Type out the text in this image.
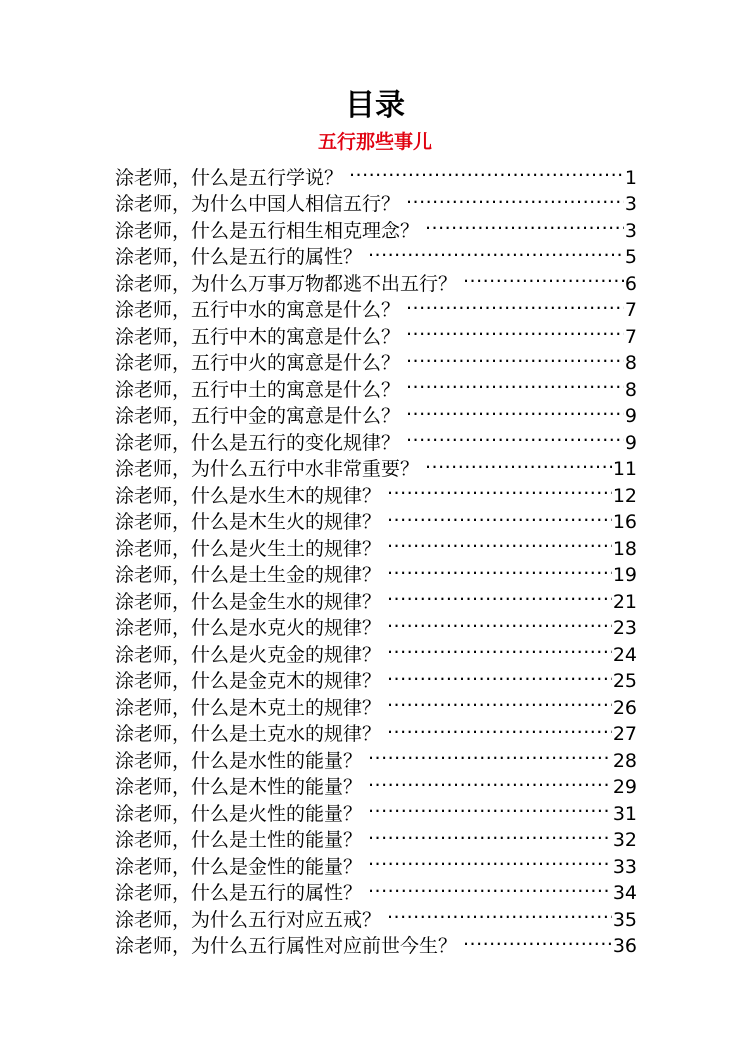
目录
五行那些事儿
涂老师，什么是五行学说？ .....	1
涂老师，为什么中国人相信五行？ .....	3
涂老师，什么是五行相生相克理念？ .....	3
涂老师，什么是五行的属性？ .....	5
涂老师，为什么万事万物都逃不出五行？ .....	6
涂老师，五行中水的寓意是什么？ .....	7
涂老师，五行中木的寓意是什么？ .....	7
涂老师，五行中火的寓意是什么？ .....	8
涂老师，五行中土的寓意是什么？ .....	8
涂老师，五行中金的寓意是什么？ .....	9
涂老师，什么是五行的变化规律？ .....	9
涂老师，为什么五行中水非常重要？ .....	11
涂老师，什么是水生木的规律？ .....	12
涂老师，什么是木生火的规律？ .....	16
涂老师，什么是火生土的规律？ .....	18
涂老师，什么是土生金的规律？ .....	19
涂老师，什么是金生水的规律？ .....	21
涂老师，什么是水克火的规律？ .....	23
涂老师，什么是火克金的规律？ .....	24
涂老师，什么是金克木的规律？ .....	25
涂老师，什么是木克土的规律？ .....	26
涂老师，什么是土克水的规律？ .....	27
涂老师，什么是水性的能量？ .....	28
涂老师，什么是木性的能量？ .....	29
涂老师，什么是火性的能量？ .....	31
涂老师，什么是土性的能量？ .....	32
涂老师，什么是金性的能量？ .....	33
涂老师，什么是五行的属性？ .....	34
涂老师，为什么五行对应五戒？ .....	35
涂老师，为什么五行属性对应前世今生？ .....	36
